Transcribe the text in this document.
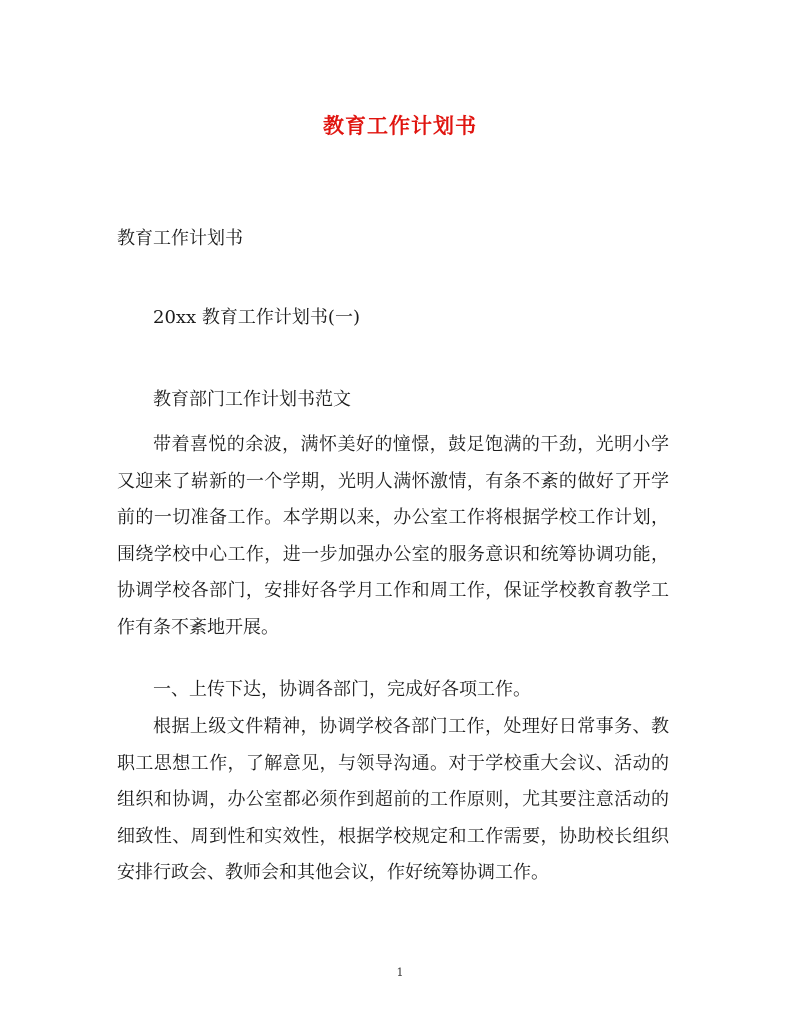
教育工作计划书
教育工作计划书
20xx 教育工作计划书(一)
教育部门工作计划书范文
带着喜悦的余波，满怀美好的憧憬，鼓足饱满的干劲，光明小学又迎来了崭新的一个学期，光明人满怀激情，有条不紊的做好了开学前的一切准备工作。本学期以来，办公室工作将根据学校工作计划，围绕学校中心工作，进一步加强办公室的服务意识和统筹协调功能，协调学校各部门，安排好各学月工作和周工作，保证学校教育教学工作有条不紊地开展。
一、上传下达，协调各部门，完成好各项工作。
根据上级文件精神，协调学校各部门工作，处理好日常事务、教职工思想工作，了解意见，与领导沟通。对于学校重大会议、活动的组织和协调，办公室都必须作到超前的工作原则，尤其要注意活动的细致性、周到性和实效性，根据学校规定和工作需要，协助校长组织安排行政会、教师会和其他会议，作好统筹协调工作。
1
